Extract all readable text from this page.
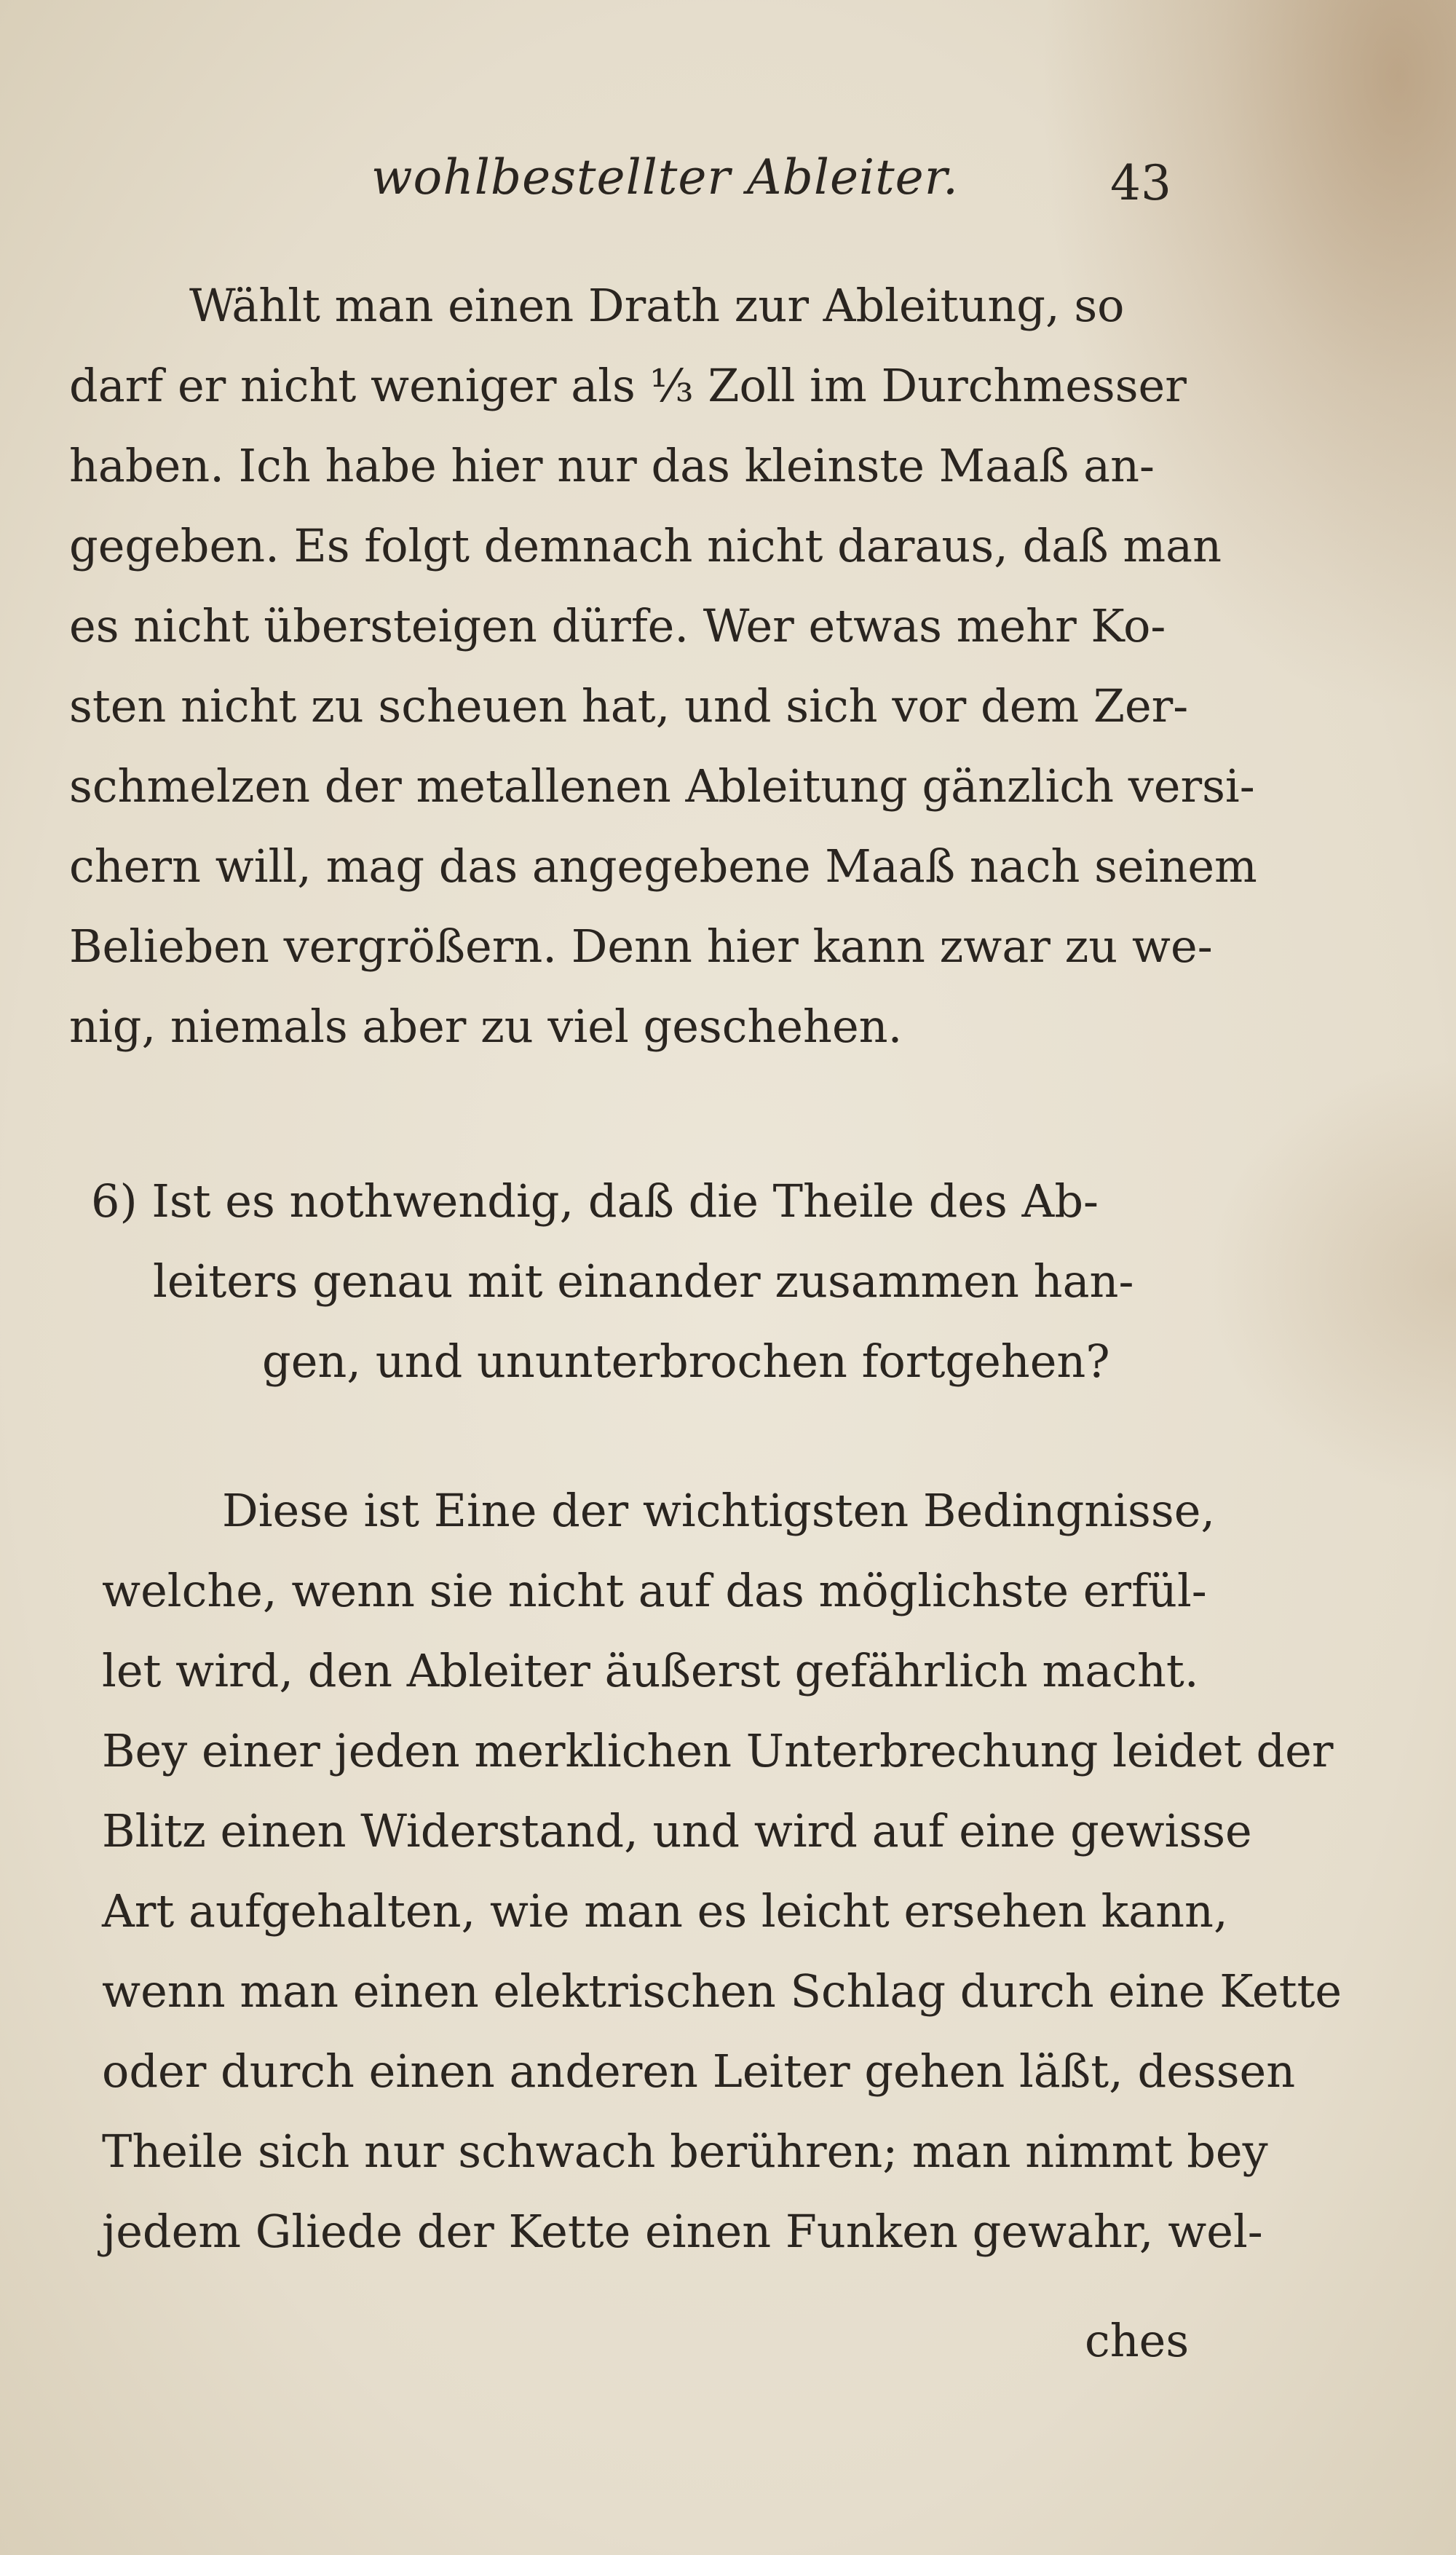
wohlbestellter Ableiter.	43
Wählt man einen Drath zur Ableitung, so
darf er nicht weniger als ⅓ Zoll im Durchmesser
haben. Ich habe hier nur das kleinste Maaß an-
gegeben. Es folgt demnach nicht daraus, daß man
es nicht übersteigen dürfe. Wer etwas mehr Ko-
sten nicht zu scheuen hat, und sich vor dem Zer-
schmelzen der metallenen Ableitung gänzlich versi-
chern will, mag das angegebene Maaß nach seinem
Belieben vergrößern. Denn hier kann zwar zu we-
nig, niemals aber zu viel geschehen.
6) Ist es nothwendig, daß die Theile des Ab-
leiters genau mit einander zusammen han-
gen, und ununterbrochen fortgehen?
Diese ist Eine der wichtigsten Bedingnisse,
welche, wenn sie nicht auf das möglichste erfül-
let wird, den Ableiter äußerst gefährlich macht.
Bey einer jeden merklichen Unterbrechung leidet der
Blitz einen Widerstand, und wird auf eine gewisse
Art aufgehalten, wie man es leicht ersehen kann,
wenn man einen elektrischen Schlag durch eine Kette
oder durch einen anderen Leiter gehen läßt, dessen
Theile sich nur schwach berühren; man nimmt bey
jedem Gliede der Kette einen Funken gewahr, wel-
ches
